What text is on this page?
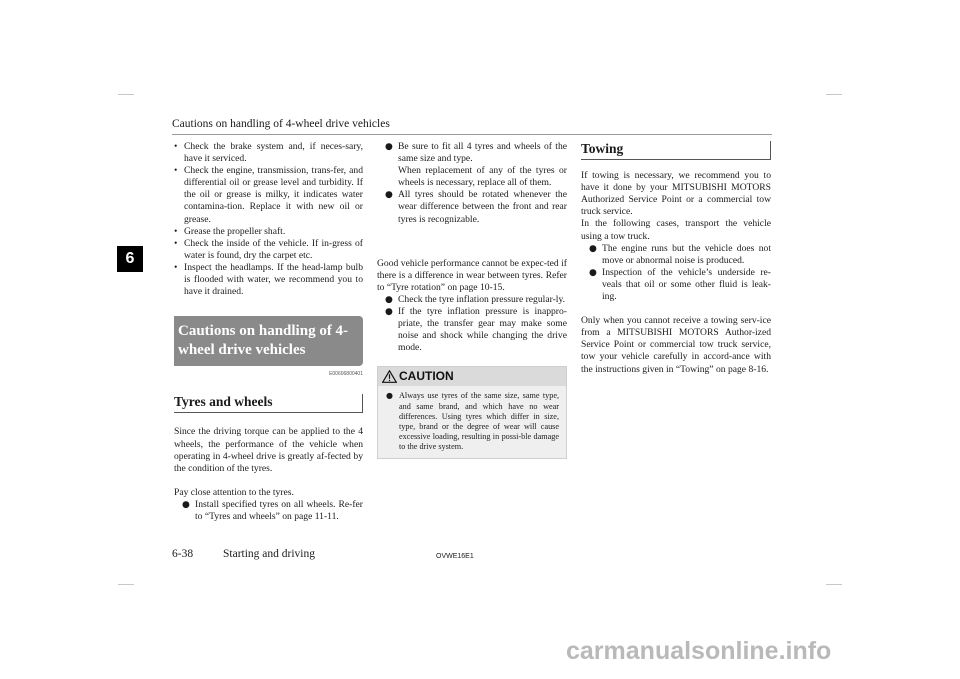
Cautions on handling of 4-wheel drive vehicles
6
• Check the brake system and, if neces-sary, have it serviced.
• Check the engine, transmission, trans-fer, and differential oil or grease level and turbidity. If the oil or grease is milky, it indicates water contamina-tion. Replace it with new oil or grease.
• Grease the propeller shaft.
• Check the inside of the vehicle. If in-gress of water is found, dry the carpet etc.
• Inspect the headlamps. If the head-lamp bulb is flooded with water, we recommend you to have it drained.
Cautions on handling of 4-wheel drive vehicles
E00606800401
Tyres and wheels

Since the driving torque can be applied to the 4 wheels, the performance of the vehicle when operating in 4-wheel drive is greatly af-fected by the condition of the tyres.

Pay close attention to the tyres.

● Install specified tyres on all wheels. Re-fer to “Tyres and wheels” on page 11-11.
● Be sure to fit all 4 tyres and wheels of the same size and type.
When replacement of any of the tyres or wheels is necessary, replace all of them.
● All tyres should be rotated whenever the wear difference between the front and rear tyres is recognizable.

Good vehicle performance cannot be expec-ted if there is a difference in wear between tyres. Refer to “Tyre rotation” on page 10-15.

● Check the tyre inflation pressure regular-ly.
● If the tyre inflation pressure is inappro-priate, the transfer gear may make some noise and shock while changing the drive mode.
CAUTION
● Always use tyres of the same size, same type, and same brand, and which have no wear differences. Using tyres which differ in size, type, brand or the degree of wear will cause excessive loading, resulting in possi-ble damage to the drive system.
Towing

If towing is necessary, we recommend you to have it done by your MITSUBISHI MOTORS Authorized Service Point or a commercial tow truck service.

In the following cases, transport the vehicle using a tow truck.

● The engine runs but the vehicle does not move or abnormal noise is produced.
● Inspection of the vehicle’s underside re-veals that oil or some other fluid is leak-ing.

Only when you cannot receive a towing serv-ice from a MITSUBISHI MOTORS Author-ized Service Point or commercial tow truck service, tow your vehicle carefully in accord-ance with the instructions given in “Towing” on page 8-16.

6-38	Starting and driving	OVWE16E1
carmanualsonline.info
